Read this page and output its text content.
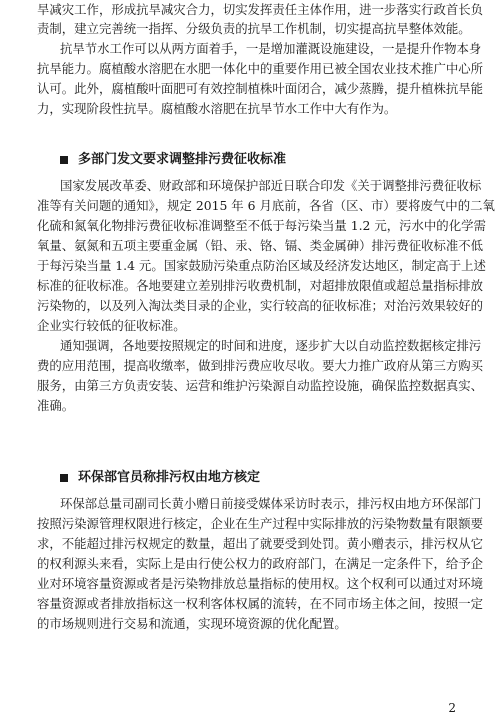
旱减灾工作，形成抗旱减灾合力，切实发挥责任主体作用，进一步落实行政首长负
责制，建立完善统一指挥、分级负责的抗旱工作机制，切实提高抗旱整体效能。
抗旱节水工作可以从两方面着手，一是增加灌溉设施建设，一是提升作物本身
抗旱能力。腐植酸水溶肥在水肥一体化中的重要作用已被全国农业技术推广中心所
认可。此外，腐植酸叶面肥可有效控制植株叶面闭合，减少蒸腾，提升植株抗旱能
力，实现阶段性抗旱。腐植酸水溶肥在抗旱节水工作中大有作为。
多部门发文要求调整排污费征收标准
国家发展改革委、财政部和环境保护部近日联合印发《关于调整排污费征收标
准等有关问题的通知》，规定 2015 年 6 月底前，各省（区、市）要将废气中的二氧
化硫和氮氧化物排污费征收标准调整至不低于每污染当量 1.2 元，污水中的化学需
氧量、氨氮和五项主要重金属（铅、汞、铬、镉、类金属砷）排污费征收标准不低
于每污染当量 1.4 元。国家鼓励污染重点防治区域及经济发达地区，制定高于上述
标准的征收标准。各地要建立差别排污收费机制，对超排放限值或超总量指标排放
污染物的，以及列入淘汰类目录的企业，实行较高的征收标准；对治污效果较好的
企业实行较低的征收标准。
通知强调，各地要按照规定的时间和进度，逐步扩大以自动监控数据核定排污
费的应用范围，提高收缴率，做到排污费应收尽收。要大力推广政府从第三方购买
服务，由第三方负责安装、运营和维护污染源自动监控设施，确保监控数据真实、
准确。
环保部官员称排污权由地方核定
环保部总量司副司长黄小赠日前接受媒体采访时表示，排污权由地方环保部门
按照污染源管理权限进行核定，企业在生产过程中实际排放的污染物数量有限额要
求，不能超过排污权规定的数量，超出了就要受到处罚。黄小赠表示，排污权从它
的权利源头来看，实际上是由行使公权力的政府部门，在满足一定条件下，给予企
业对环境容量资源或者是污染物排放总量指标的使用权。这个权利可以通过对环境
容量资源或者排放指标这一权利客体权属的流转，在不同市场主体之间，按照一定
的市场规则进行交易和流通，实现环境资源的优化配置。
2
